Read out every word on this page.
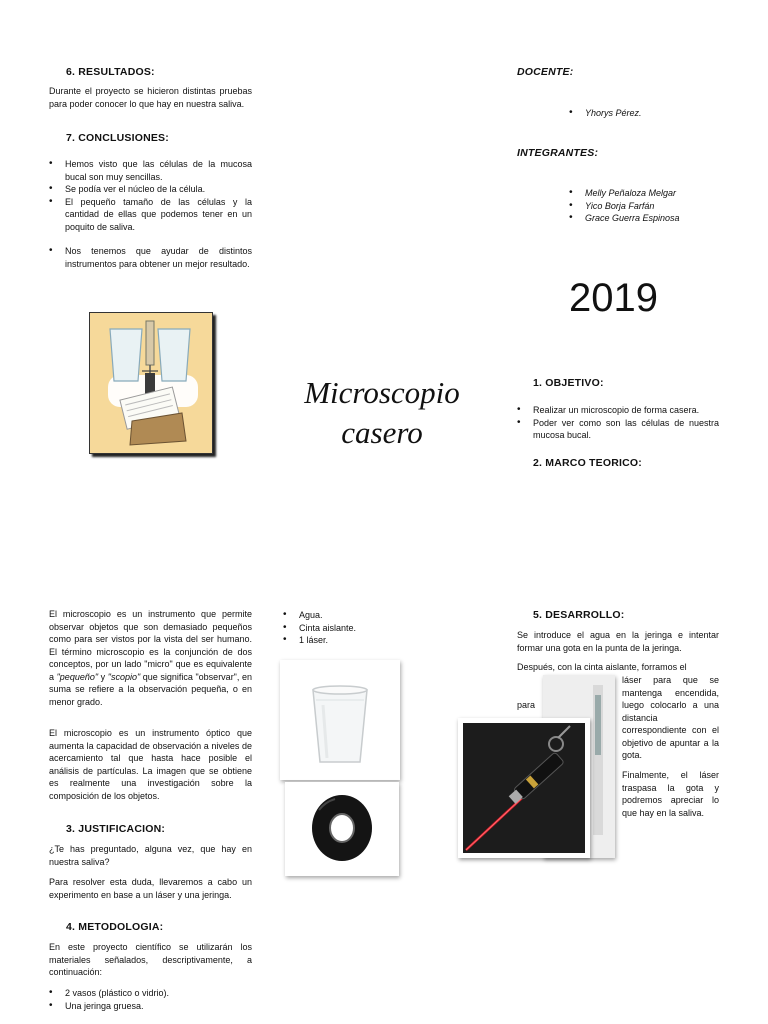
6. RESULTADOS:
Durante el proyecto se hicieron distintas pruebas para poder conocer lo que hay en nuestra saliva.
7. CONCLUSIONES:
• Hemos visto que las células de la mucosa bucal son muy sencillas.
• Se podía ver el núcleo de la célula.
• El pequeño tamaño de las células y la cantidad de ellas que podemos tener en un poquito de saliva.
• Nos tenemos que ayudar de distintos instrumentos para obtener un mejor resultado.
DOCENTE:
• Yhorys Pérez.
INTEGRANTES:
• Melly Peñaloza Melgar
• Yico Borja Farfán
• Grace Guerra Espinosa
2019
Microscopio
casero
1. OBJETIVO:
• Realizar un microscopio de forma casera.
• Poder ver como son las células de nuestra mucosa bucal.
2. MARCO TEORICO:
El microscopio es un instrumento que permite observar objetos que son demasiado pequeños como para ser vistos por la vista del ser humano. El término microscopio es la conjunción de dos conceptos, por un lado "micro" que es equivalente a "pequeño" y "scopio" que significa "observar", en suma se refiere a la observación pequeña, o en menor grado.
El microscopio es un instrumento óptico que aumenta la capacidad de observación a niveles de acercamiento tal que hasta hace posible el análisis de partículas. La imagen que se obtiene es realmente una investigación sobre la composición de los objetos.
3. JUSTIFICACION:
¿Te has preguntado, alguna vez, que hay en nuestra saliva?
Para resolver esta duda, llevaremos a cabo un experimento en base a un láser y una jeringa.
4. METODOLOGIA:
En este proyecto científico se utilizarán los materiales señalados, descriptivamente, a continuación:
• 2 vasos (plástico o vidrio).
• Una jeringa gruesa.
• Agua.
• Cinta aislante.
• 1 láser.
5. DESARROLLO:
Se introduce el agua en la jeringa e intentar formar una gota en la punta de la jeringa.
Después, con la cinta aislante, forramos el
para
láser para que se mantenga encendida, luego colocarlo a una distancia correspondiente con el objetivo de apuntar a la gota.
Finalmente, el láser traspasa la gota y podremos apreciar lo que hay en la saliva.
